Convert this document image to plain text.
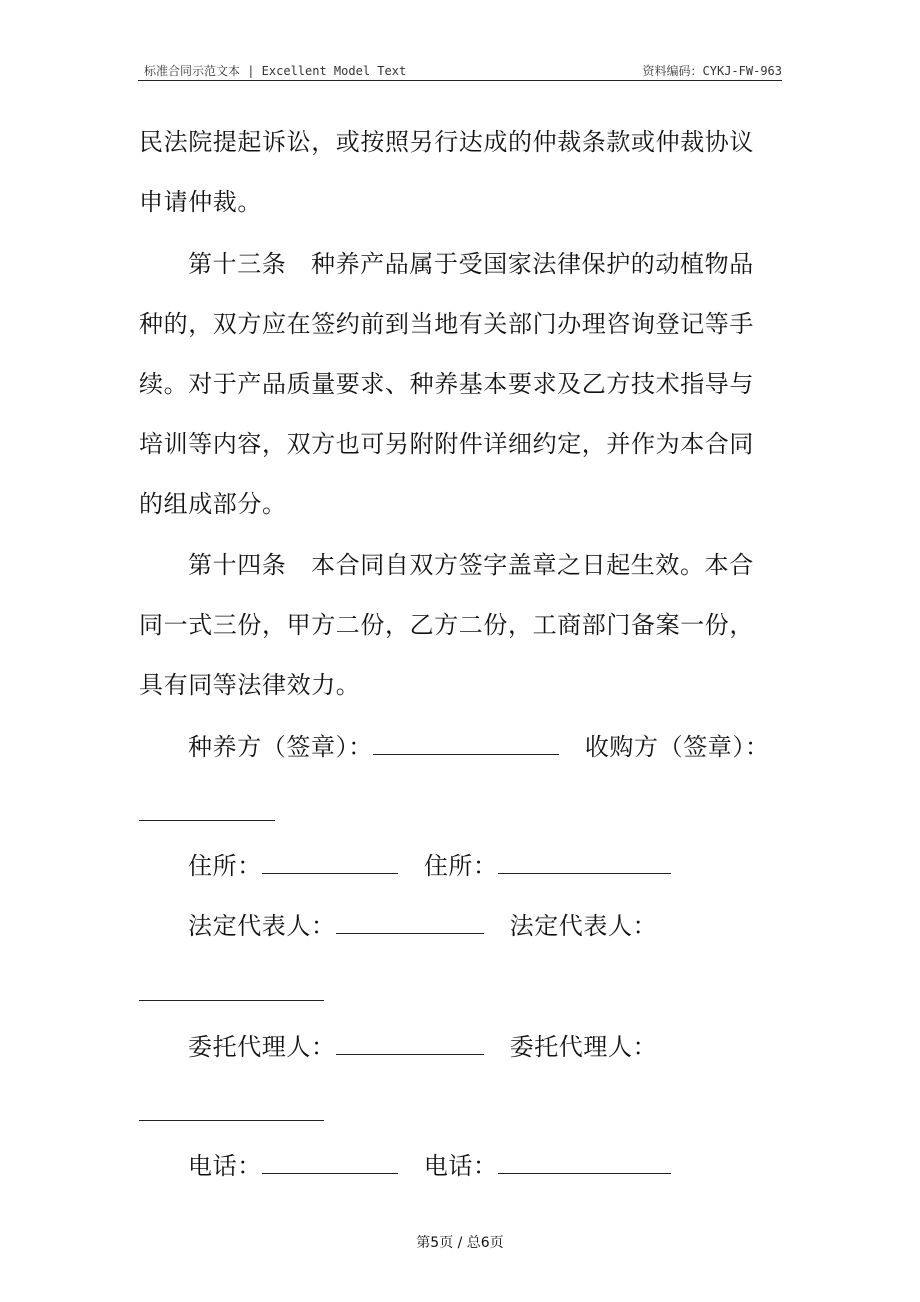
标准合同示范文本 | Excellent Model Text	资料编码：CYKJ-FW-963
民法院提起诉讼，或按照另行达成的仲裁条款或仲裁协议
申请仲裁。
第十三条　种养产品属于受国家法律保护的动植物品
种的，双方应在签约前到当地有关部门办理咨询登记等手
续。对于产品质量要求、种养基本要求及乙方技术指导与
培训等内容，双方也可另附附件详细约定，并作为本合同
的组成部分。
第十四条　本合同自双方签字盖章之日起生效。本合
同一式三份，甲方二份，乙方二份，工商部门备案一份，
具有同等法律效力。
种养方（签章）：	收购方（签章）：
住所：	住所：
法定代表人：	法定代表人：
委托代理人：	委托代理人：
电话：	电话：
第5页 / 总6页
